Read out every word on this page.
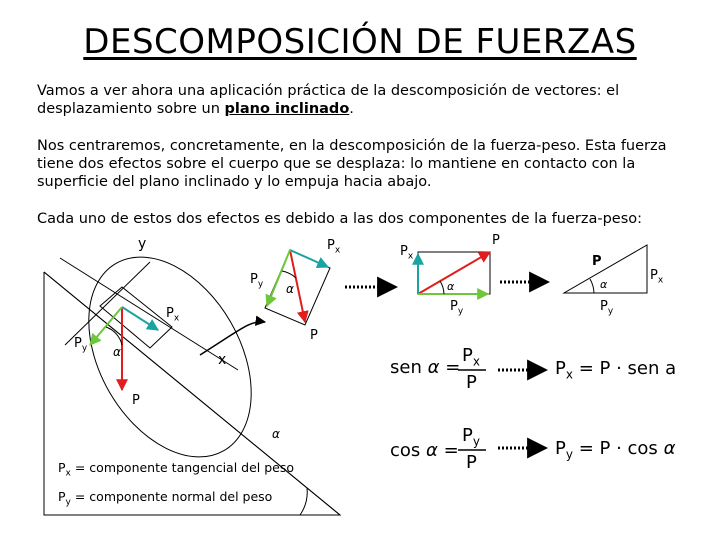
DESCOMPOSICIÓN DE FUERZAS
Vamos a ver ahora una aplicación práctica de la descomposición de vectores: el desplazamiento sobre un plano inclinado.
Nos centraremos, concretamente, en la descomposición de la fuerza-peso. Esta fuerza tiene dos efectos sobre el cuerpo que se desplaza: lo mantiene en contacto con la superficie del plano inclinado y lo empuja hacia abajo.
Cada uno de estos dos efectos es debido a las dos componentes de la fuerza-peso:
y
x
$P_x$
$P_y$
P
α
α
$P_x$
$P_y$
P
α
$P_x$
P
$P_y$
α
P
$P_x$
$P_y$
α
sen α =
$P_x$
P
$P_x = P$ · sen a
cos α =
$P_y$
P
$P_y = P \cdot \cos \alpha$
$P_x$ = componente tangencial del peso
$P_y$ = componente normal del peso
